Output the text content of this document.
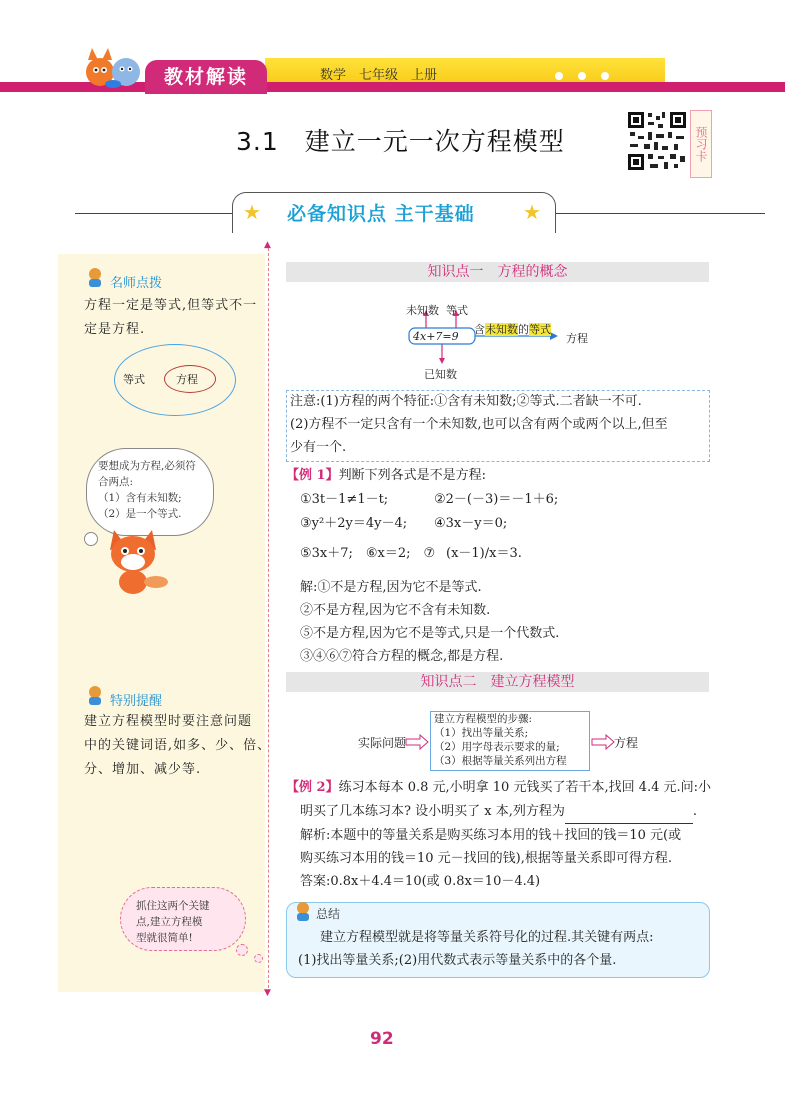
教材解读	数学　七年级　上册
3.1　建立一元一次方程模型	预习卡
★	★
必备知识点 主干基础
▲
▼
名师点拨
方程一定是等式,但等式不一
定是方程.
等式	方程
要想成为方程,必须符
合两点:
（1）含有未知数;
（2）是一个等式.
特别提醒
建立方程模型时要注意问题
中的关键词语,如多、少、倍、
分、增加、减少等.
抓住这两个关键
点,建立方程模
型就很简单!
知识点一　方程的概念
未知数 等式
4x+7=9
已知数
含未知数的等式
方程
注意:(1)方程的两个特征:①含有未知数;②等式.二者缺一不可.
(2)方程不一定只含有一个未知数,也可以含有两个或两个以上,但至
少有一个.
【例 1】判断下列各式是不是方程:
①3t－1≠1－t;	②2－(－3)＝－1＋6;
③y²＋2y＝4y－4; ④3x－y＝0;
⑤3x＋7;　⑥x＝2;　⑦ (x－1)/x＝3.
解:①不是方程,因为它不是等式.
②不是方程,因为它不含有未知数.
⑤不是方程,因为它不是等式,只是一个代数式.
③④⑥⑦符合方程的概念,都是方程.
知识点二　建立方程模型
实际问题
建立方程模型的步骤:
（1）找出等量关系;
（2）用字母表示要求的量;
（3）根据等量关系列出方程
方程
【例 2】练习本每本 0.8 元,小明拿 10 元钱买了若干本,找回 4.4 元.问:小
明买了几本练习本? 设小明买了 x 本,列方程为	.
解析:本题中的等量关系是购买练习本用的钱＋找回的钱＝10 元(或
购买练习本用的钱＝10 元－找回的钱),根据等量关系即可得方程.
答案:0.8x＋4.4＝10(或 0.8x＝10－4.4)
总结
建立方程模型就是将等量关系符号化的过程.其关键有两点:
(1)找出等量关系;(2)用代数式表示等量关系中的各个量.
92
